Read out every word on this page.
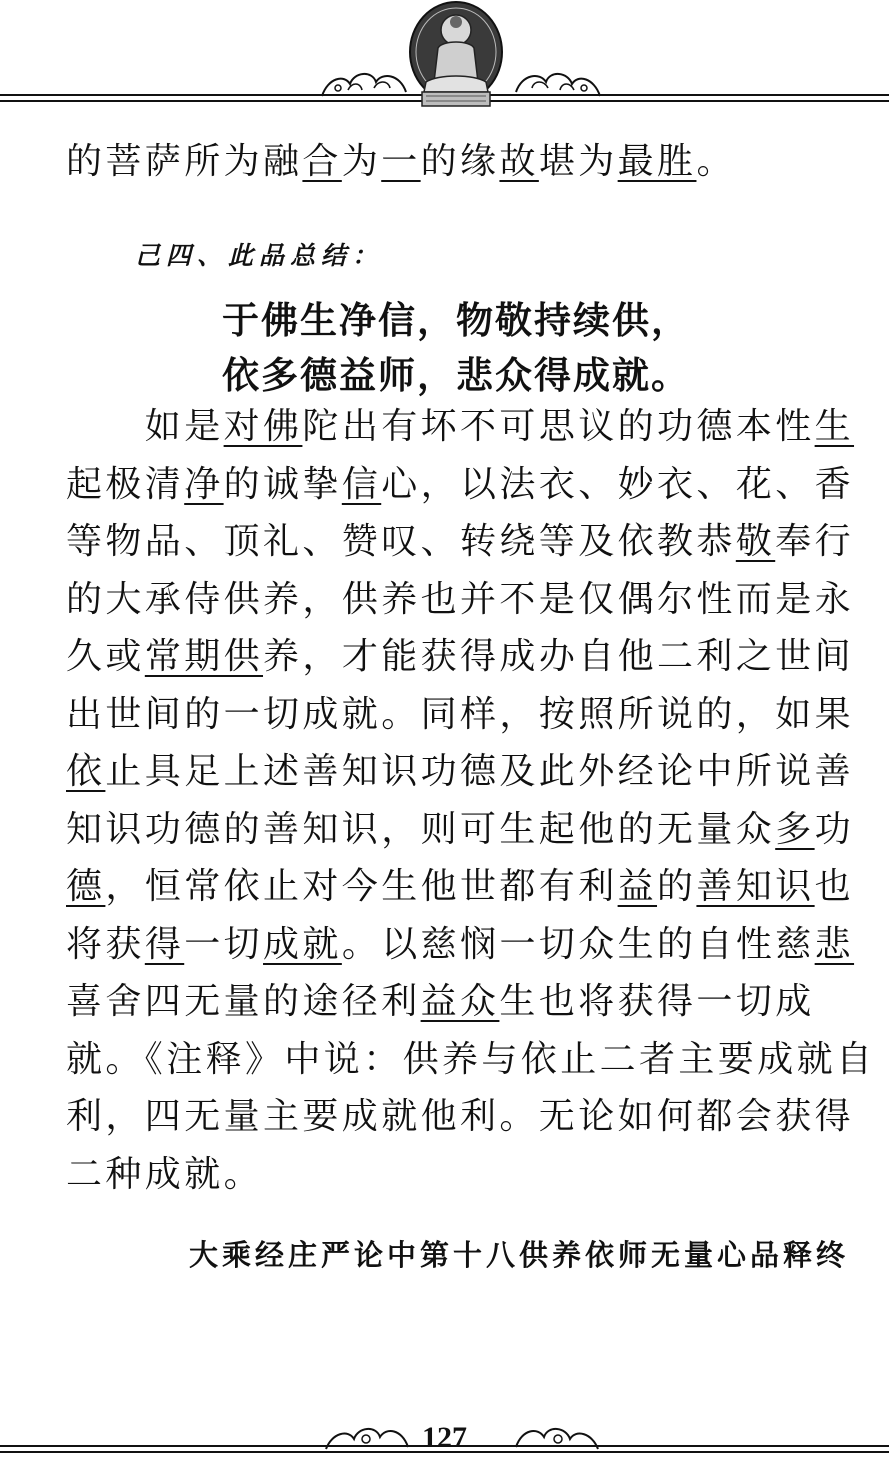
的菩萨所为融合为一的缘故堪为最胜。
己四、此品总结：
于佛生净信，物敬持续供，
依多德益师，悲众得成就。
　　如是对佛陀出有坏不可思议的功德本性生
起极清净的诚挚信心，以法衣、妙衣、花、香
等物品、顶礼、赞叹、转绕等及依教恭敬奉行
的大承侍供养，供养也并不是仅偶尔性而是永
久或常期供养，才能获得成办自他二利之世间
出世间的一切成就。同样，按照所说的，如果
依止具足上述善知识功德及此外经论中所说善
知识功德的善知识，则可生起他的无量众多功
德，恒常依止对今生他世都有利益的善知识也
将获得一切成就。以慈悯一切众生的自性慈悲
喜舍四无量的途径利益众生也将获得一切成
就。《注释》中说：供养与依止二者主要成就自
利，四无量主要成就他利。无论如何都会获得
二种成就。
大乘经庄严论中第十八供养依师无量心品释终
127
